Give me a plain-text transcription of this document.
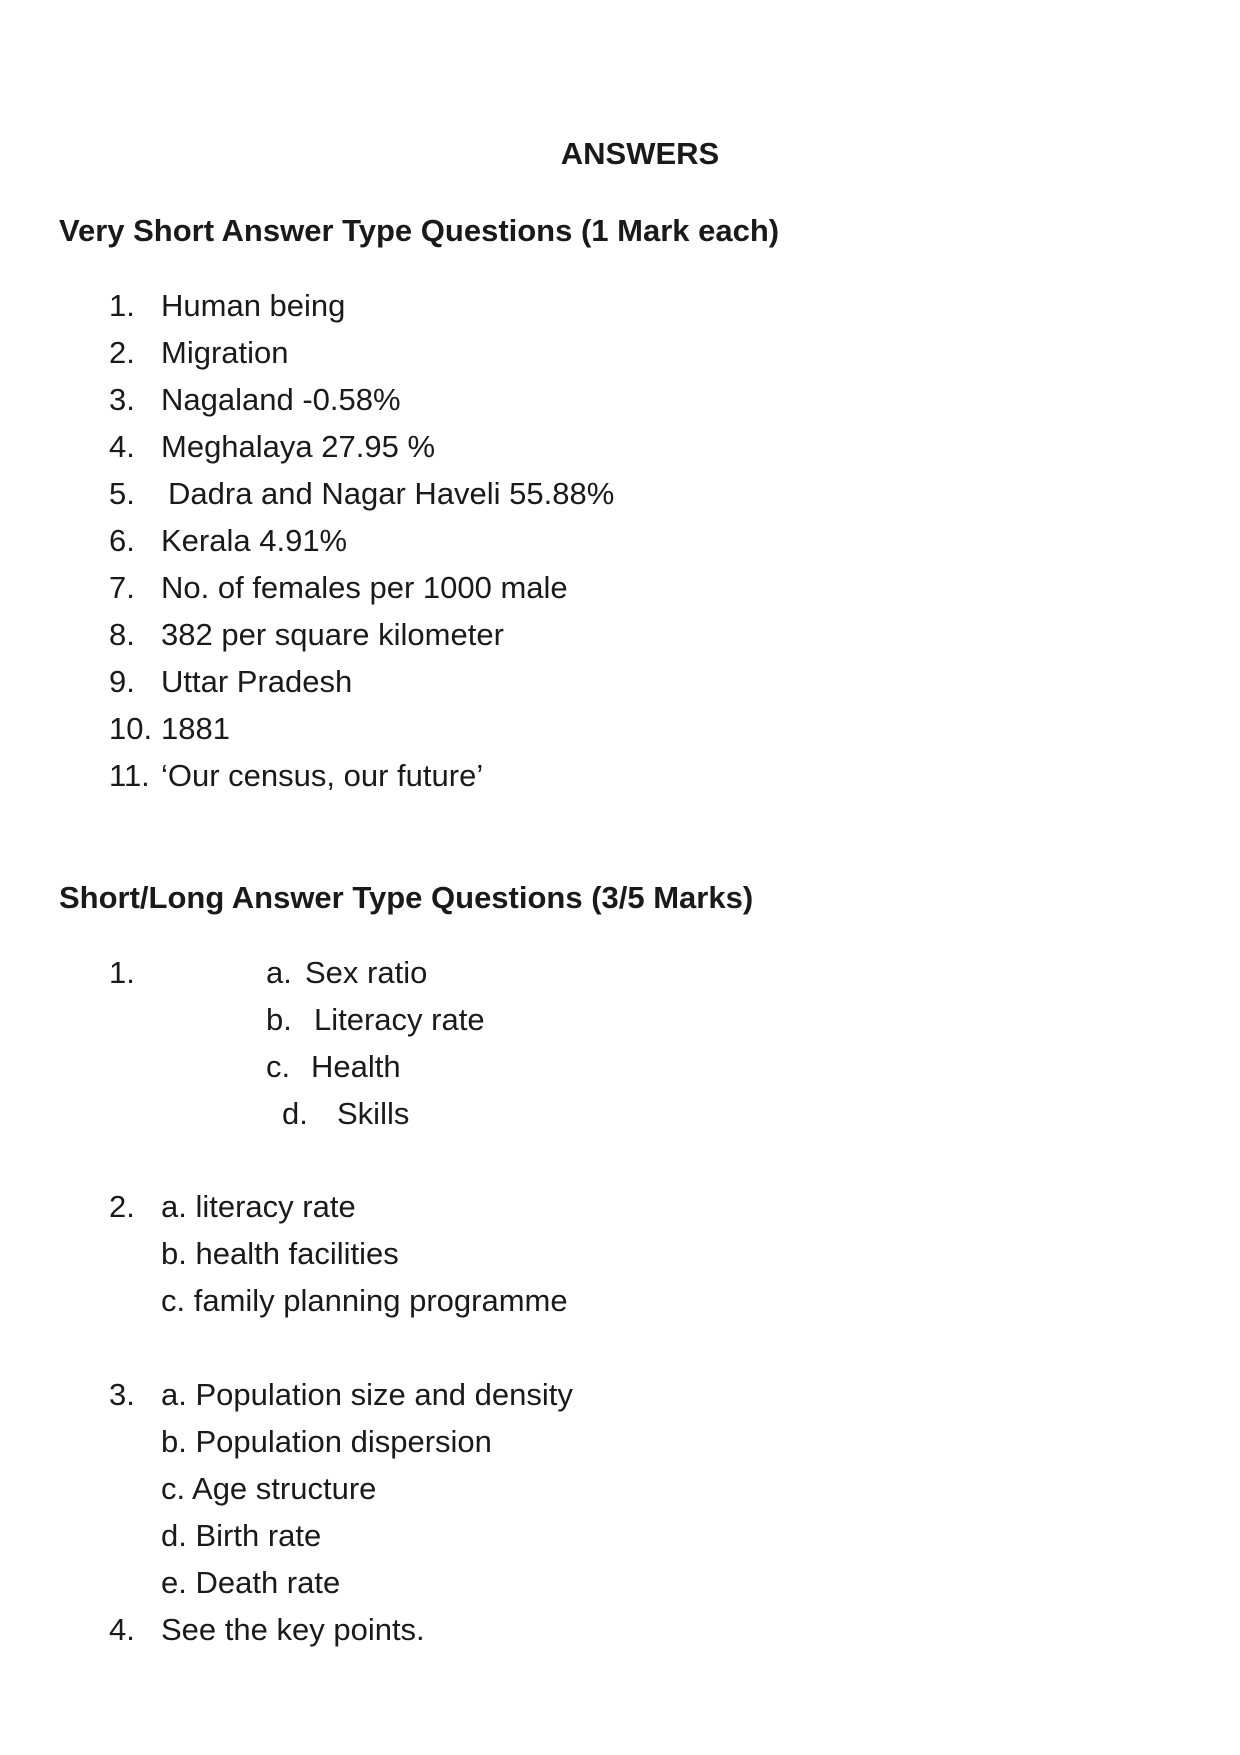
ANSWERS
Very Short Answer Type Questions (1 Mark each)
1. Human being
2. Migration
3. Nagaland -0.58%
4. Meghalaya 27.95 %
5. Dadra and Nagar Haveli 55.88%
6. Kerala 4.91%
7. No. of females per 1000 male
8. 382 per square kilometer
9. Uttar Pradesh
10. 1881
11. ‘Our census, our future’
Short/Long Answer Type Questions (3/5 Marks)
1.	a. Sex ratio
b. Literacy rate
c. Health
d. Skills
2. a. literacy rate
b. health facilities
c. family planning programme
3. a. Population size and density
b. Population dispersion
c. Age structure
d. Birth rate
e. Death rate
4. See the key points.
